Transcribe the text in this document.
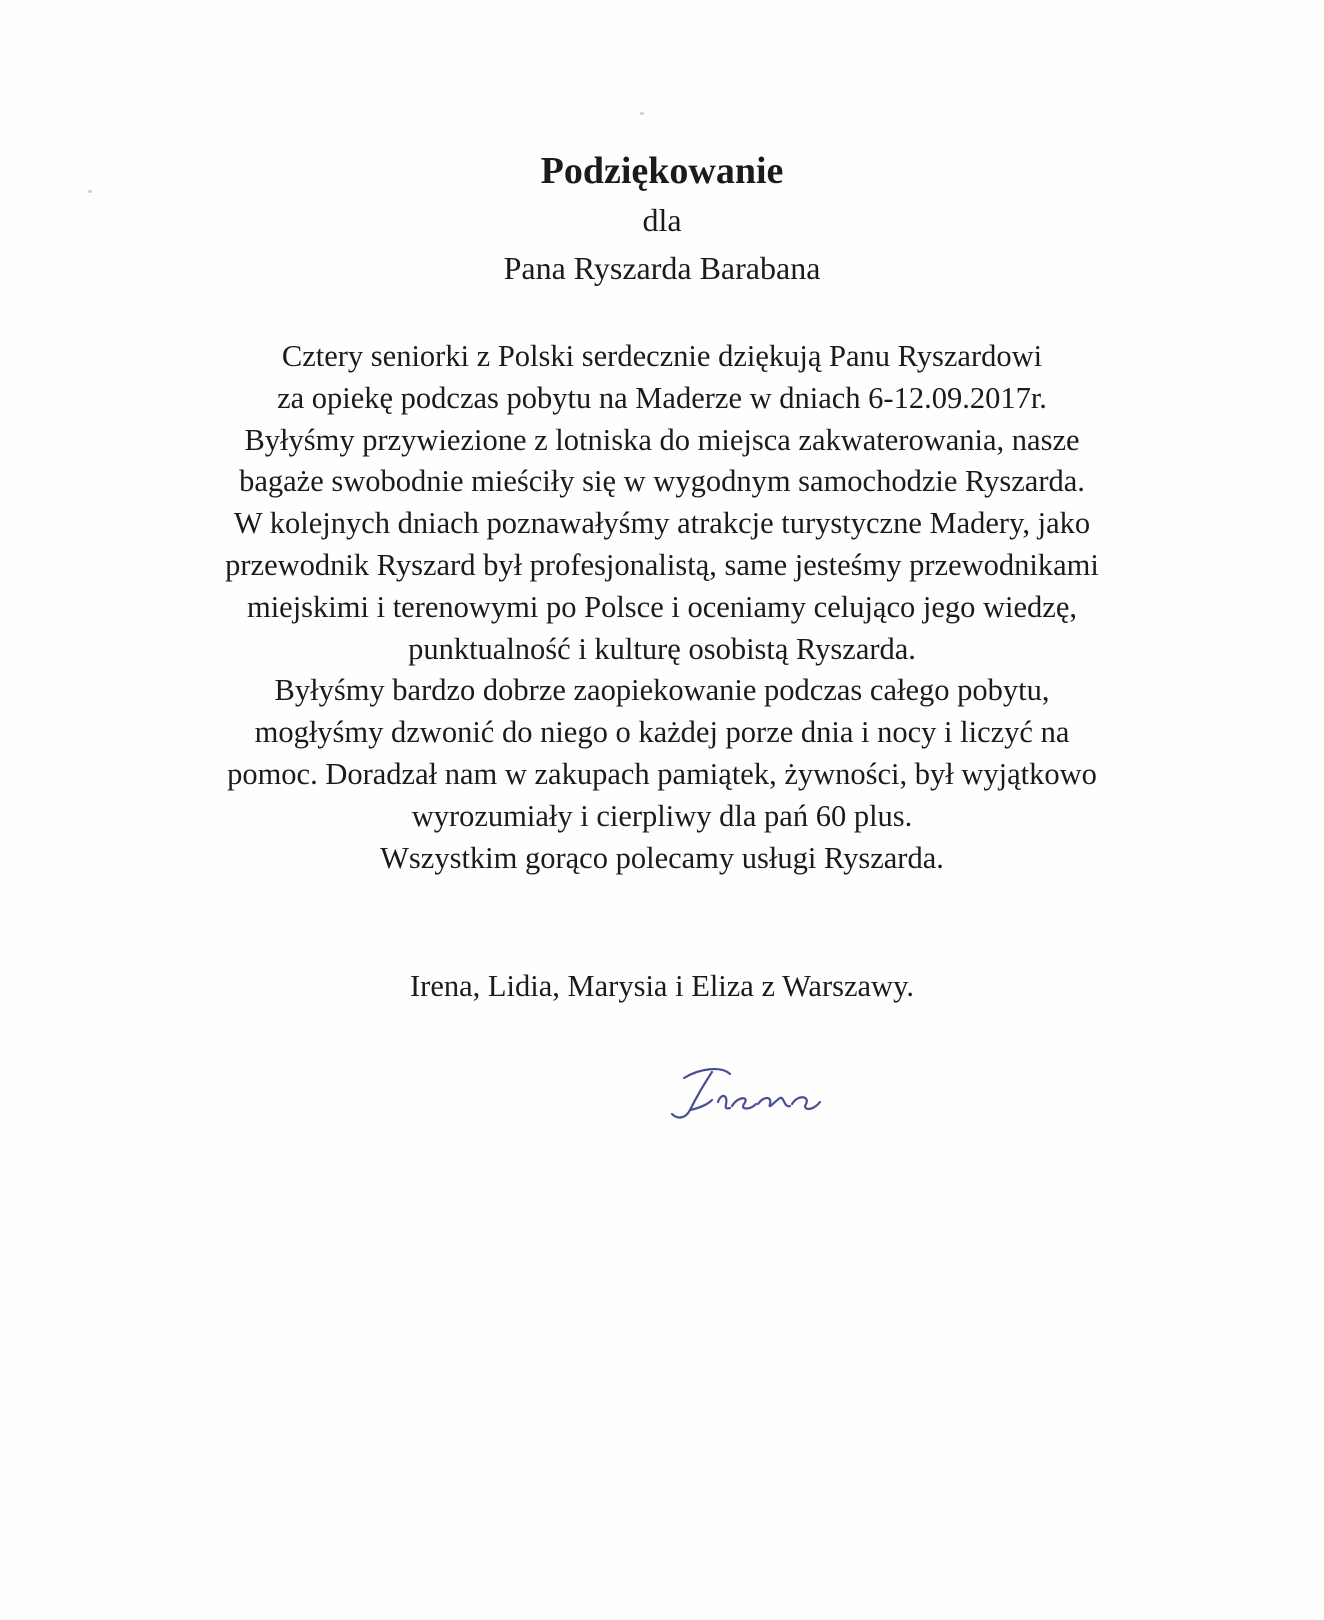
Podziękowanie
dla
Pana Ryszarda Barabana
Cztery seniorki z Polski serdecznie dziękują Panu Ryszardowi
za opiekę podczas pobytu na Maderze w dniach 6-12.09.2017r.
Byłyśmy przywiezione z lotniska do miejsca zakwaterowania, nasze
bagaże swobodnie mieściły się w wygodnym samochodzie Ryszarda.
W kolejnych dniach poznawałyśmy atrakcje turystyczne Madery, jako
przewodnik Ryszard był profesjonalistą, same jesteśmy przewodnikami
miejskimi i terenowymi po Polsce i oceniamy celująco jego wiedzę,
punktualność i kulturę osobistą Ryszarda.
Byłyśmy bardzo dobrze zaopiekowanie podczas całego pobytu,
mogłyśmy dzwonić do niego o każdej porze dnia i nocy i liczyć na
pomoc. Doradzał nam w zakupach pamiątek, żywności, był wyjątkowo
wyrozumiały i cierpliwy dla pań 60 plus.
Wszystkim gorąco polecamy usługi Ryszarda.
Irena, Lidia, Marysia i Eliza z Warszawy.
